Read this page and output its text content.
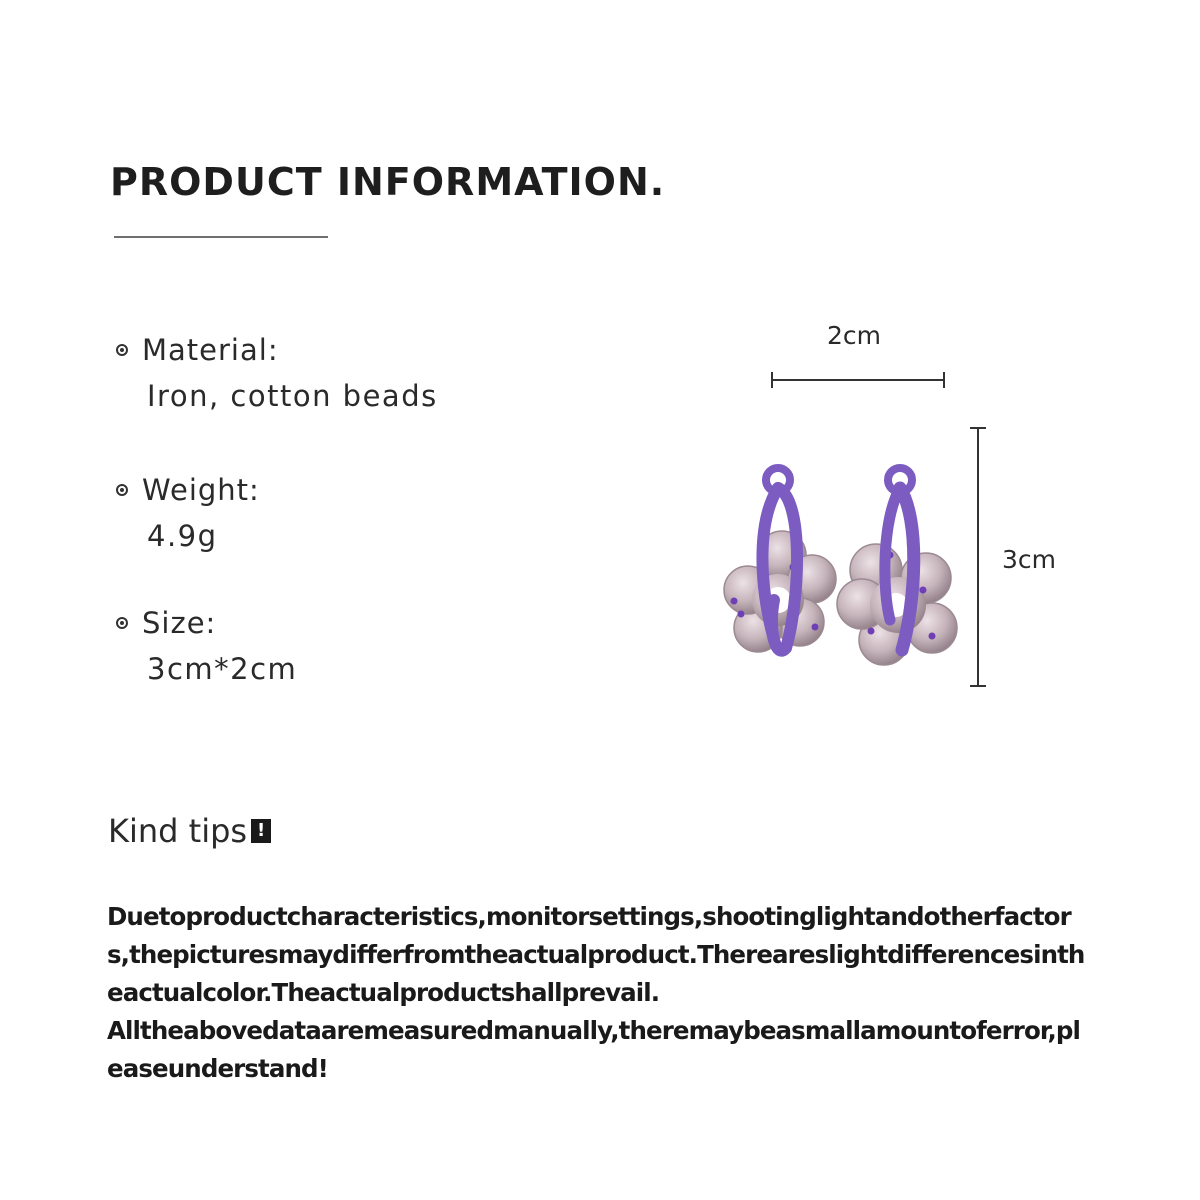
PRODUCT INFORMATION.
Material:
Iron, cotton beads
Weight:
4.9g
Size:
3cm*2cm
2cm
3cm
Kind tips !

Duetoproductcharacteristics,monitorsettings,shootinglightandotherfactors,thepicturesmaydifferfromtheactualproduct.Thereareslightdifferencesintheactualcolor.Theactualproductshallprevail.

Alltheabovedataaremeasuredmanually,theremaybeasmallamountoferror,pleaseunderstand!
